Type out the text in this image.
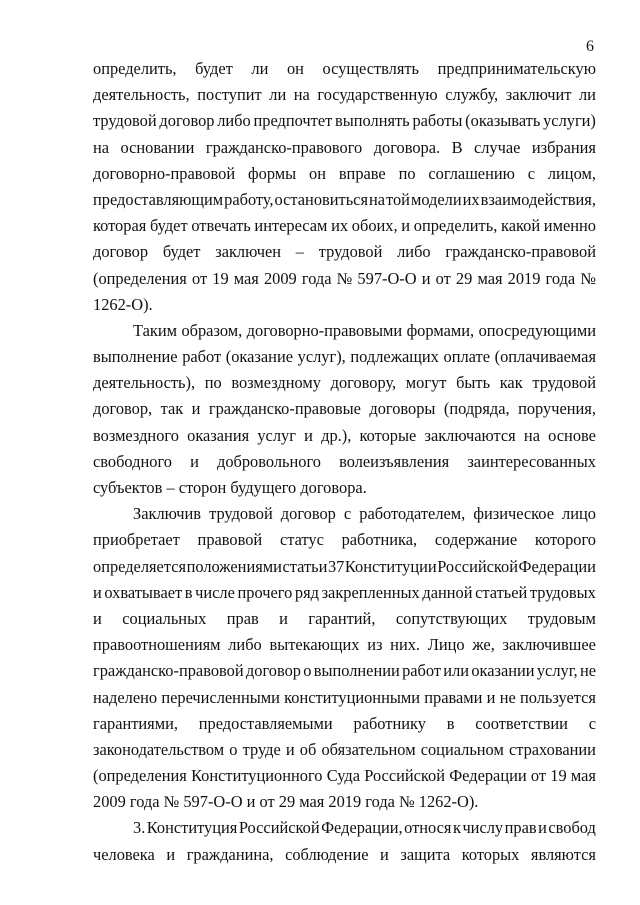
6
определить, будет ли он осуществлять предпринимательскую
деятельность, поступит ли на государственную службу, заключит ли
трудовой договор либо предпочтет выполнять работы (оказывать услуги)
на основании гражданско-правового договора. В случае избрания
договорно-правовой формы он вправе по соглашению с лицом,
предоставляющим работу, остановиться на той модели их взаимодействия,
которая будет отвечать интересам их обоих, и определить, какой именно
договор будет заключен – трудовой либо гражданско-правовой
(определения от 19 мая 2009 года № 597-О-О и от 29 мая 2019 года №
1262-О).
Таким образом, договорно-правовыми формами, опосредующими
выполнение работ (оказание услуг), подлежащих оплате (оплачиваемая
деятельность), по возмездному договору, могут быть как трудовой
договор, так и гражданско-правовые договоры (подряда, поручения,
возмездного оказания услуг и др.), которые заключаются на основе
свободного и добровольного волеизъявления заинтересованных
субъектов – сторон будущего договора.
Заключив трудовой договор с работодателем, физическое лицо
приобретает правовой статус работника, содержание которого
определяется положениями статьи 37 Конституции Российской Федерации
и охватывает в числе прочего ряд закрепленных данной статьей трудовых
и социальных прав и гарантий, сопутствующих трудовым
правоотношениям либо вытекающих из них. Лицо же, заключившее
гражданско-правовой договор о выполнении работ или оказании услуг, не
наделено перечисленными конституционными правами и не пользуется
гарантиями, предоставляемыми работнику в соответствии с
законодательством о труде и об обязательном социальном страховании
(определения Конституционного Суда Российской Федерации от 19 мая
2009 года № 597-О-О и от 29 мая 2019 года № 1262-О).
3. Конституция Российской Федерации, относя к числу прав и свобод
человека и гражданина, соблюдение и защита которых являются
